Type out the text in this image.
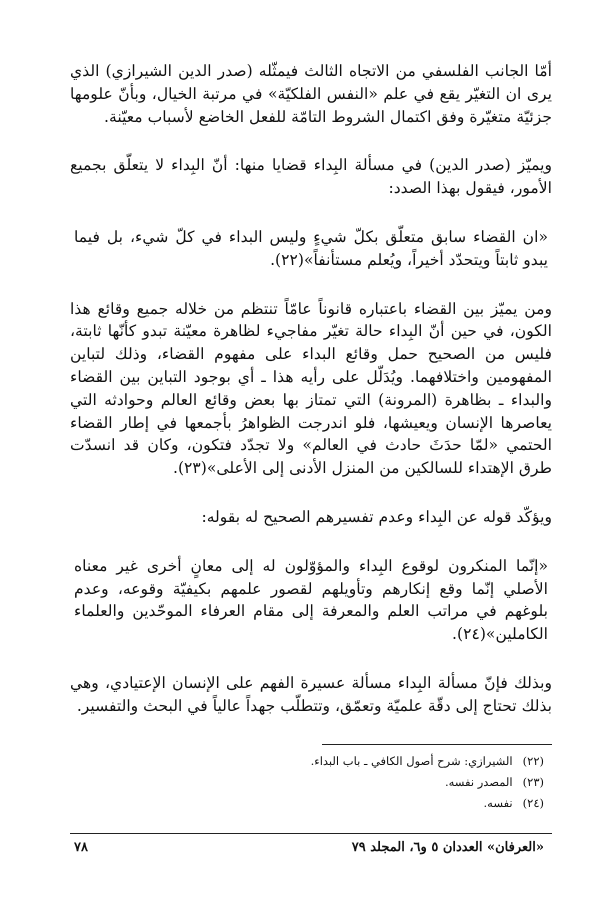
أمّا الجانب الفلسفي من الاتجاه الثالث فيمثّله (صدر الدين الشيرازي) الذي يرى ان التغيّر يقع في علم «النفس الفلكيّة» في مرتبة الخيال، وبأنّ علومها جزئيّة متغيّرة وفق اكتمال الشروط التامّة للفعل الخاضع لأسباب معيّنة.

ويميّز (صدر الدين) في مسألة البِداء قضايا منها: أنّ البِداء لا يتعلّق بجميع الأمور، فيقول بهذا الصدد:

«ان القضاء سابق متعلّق بكلّ شيءٍ وليس البداء في كلّ شيء، بل فيما يبدو ثابتاً ويتحدّد أخيراً، ويُعلم مستأنفاً»(٢٢).

ومن يميّز بين القضاء باعتباره قانوناً عامّاً تنتظم من خلاله جميع وقائع هذا الكون، في حين أنّ البِداء حالة تغيّر مفاجيء لظاهرة معيّنة تبدو كأنّها ثابتة، فليس من الصحيح حمل وقائع البداء على مفهوم القضاء، وذلك لتباين المفهومين واختلافهما. ويُدَلّل على رأيه هذا ـ أي بوجود التباين بين القضاء والبداء ـ بظاهرة (المرونة) التي تمتاز بها بعض وقائع العالم وحوادثه التي يعاصرها الإنسان ويعيشها، فلو اندرجت الظواهرُ بأجمعها في إطار القضاء الحتمي «لمّا حدَثَ حادث في العالم» ولا تجدّد فتكون، وكان قد انسدّت طرق الإهتداء للسالكين من المنزل الأدنى إلى الأعلى»(٢٣).

ويؤكّد قوله عن البِداء وعدم تفسيرهم الصحيح له بقوله:

«إنّما المنكرون لوقوع البِداء والمؤوّلون له إلى معانٍ أخرى غير معناه الأصلي إنّما وقع إنكارهم وتأويلهم لقصور علمهم بكيفيّة وقوعه، وعدم بلوغهم في مراتب العلم والمعرفة إلى مقام العرفاء الموحّدين والعلماء الكاملين»(٢٤).

وبذلك فإنّ مسألة البِداء مسألة عسيرة الفهم على الإنسان الإعتيادي، وهي بذلك تحتاج إلى دقّة علميّة وتعمّق، وتتطلّب جهداً عالياً في البحث والتفسير.

(٢٢)الشيرازي: شرح أصول الكافي ـ باب البداء.
(٢٣)المصدر نفسه.
(٢٤)نفسه.
«العرفان» العددان ٥ و٦، المجلد ٧٩
٧٨
